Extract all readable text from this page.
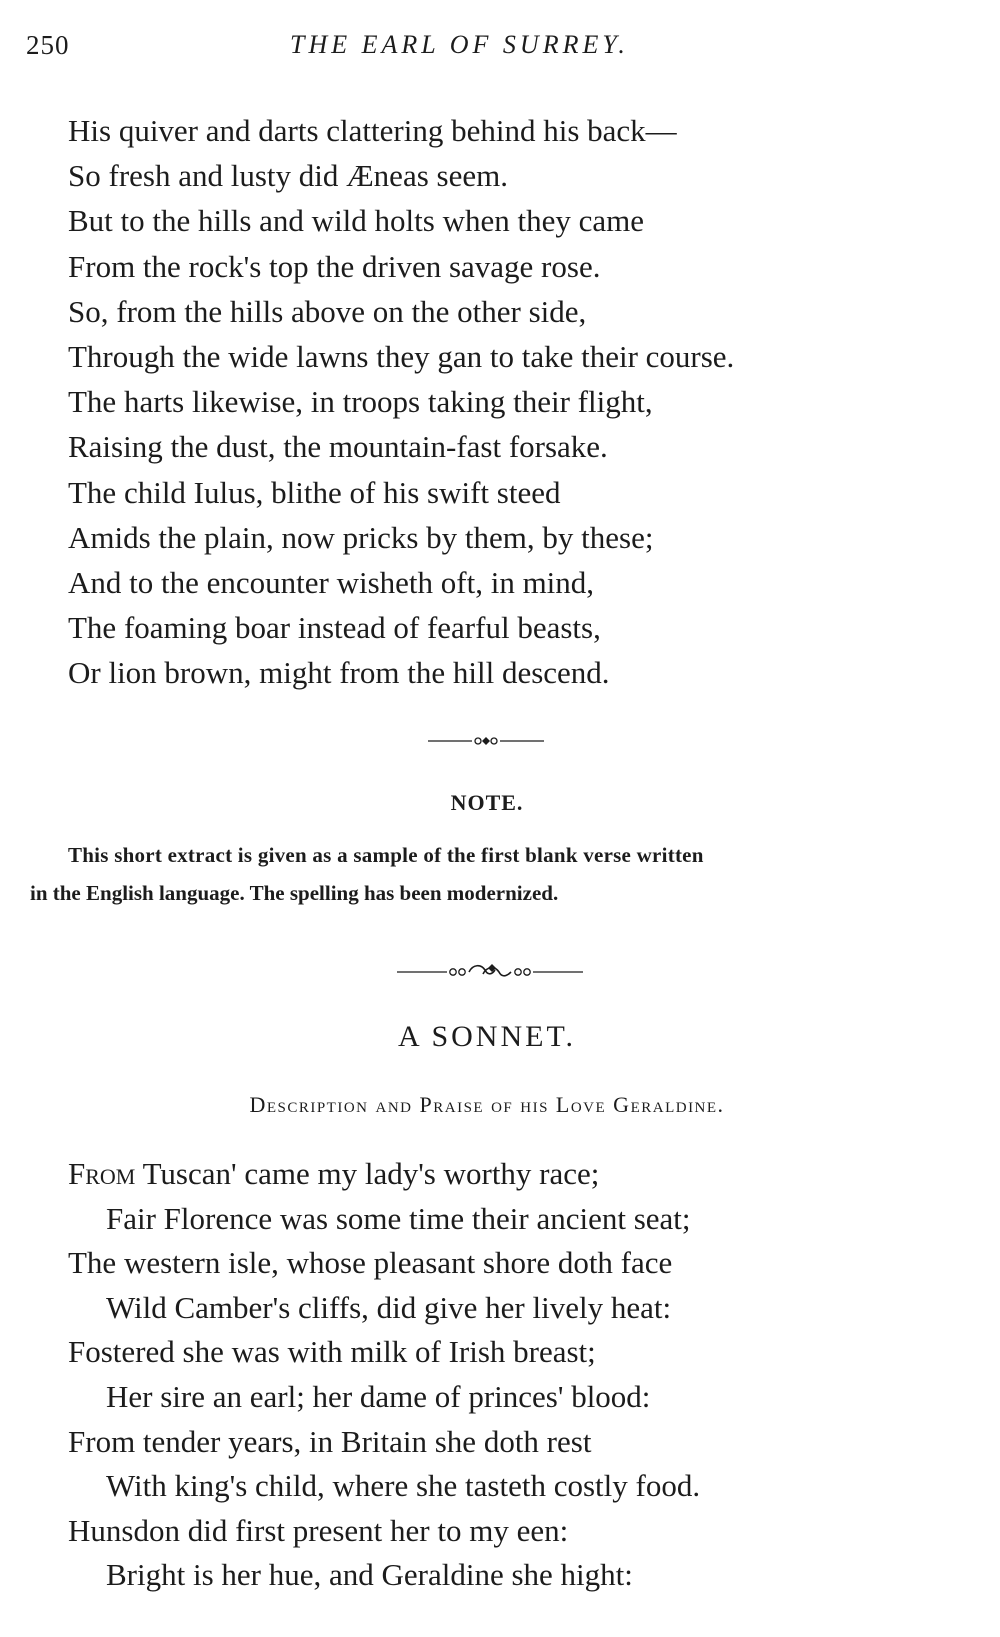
250	THE EARL OF SURREY.
His quiver and darts clattering behind his back—
So fresh and lusty did Æneas seem.
But to the hills and wild holts when they came
From the rock's top the driven savage rose.
So, from the hills above on the other side,
Through the wide lawns they gan to take their course.
The harts likewise, in troops taking their flight,
Raising the dust, the mountain-fast forsake.
The child Iulus, blithe of his swift steed
Amids the plain, now pricks by them, by these;
And to the encounter wisheth oft, in mind,
The foaming boar instead of fearful beasts,
Or lion brown, might from the hill descend.
NOTE.
This short extract is given as a sample of the first blank verse written
in the English language. The spelling has been modernized.
A SONNET.
Description and Praise of his Love Geraldine.
From Tuscan' came my lady's worthy race;
Fair Florence was some time their ancient seat;
The western isle, whose pleasant shore doth face
Wild Camber's cliffs, did give her lively heat:
Fostered she was with milk of Irish breast;
Her sire an earl; her dame of princes' blood:
From tender years, in Britain she doth rest
With king's child, where she tasteth costly food.
Hunsdon did first present her to my een:
Bright is her hue, and Geraldine she hight:
